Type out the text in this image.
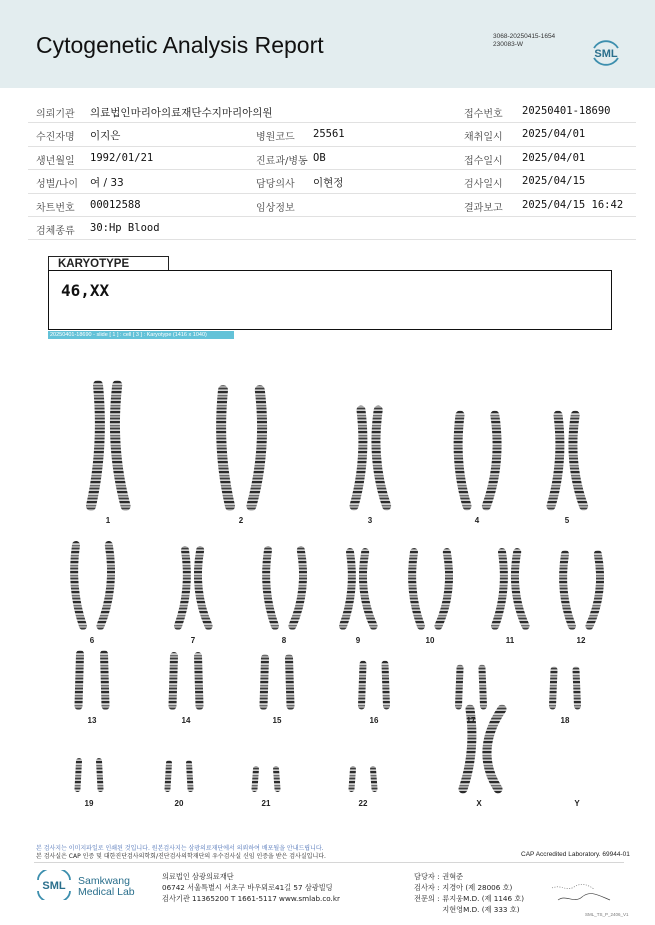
Cytogenetic Analysis Report	3068-20250415-1654
230083-W
SML
의뢰기관 의료법인마리아의료재단수지마리아의원	접수번호 20250401-18690
수진자명 이지은	병원코드 25561	채취일시 2025/04/01
생년월일 1992/01/21	진료과/병동 OB	접수일시 2025/04/01
성별/나이 여 / 33	담당의사 이현정	검사일시 2025/04/15
차트번호 00012588	임상정보	결과보고 2025/04/15 16:42
검체종류 30:Hp Blood
KARYOTYPE
46,XX
20250401-18690 - slide [ 1 ] : cell [ 3 ] : Karyotype (1416 x 1040)
1	2	3	4	5
6	7	8	9	10	11	12
13	14	15	16	17	18
19	20	21	22	X	Y
본 검사지는 이미지파일로 인쇄된 것입니다. 원본검사지는 삼광의료재단에서 의뢰하여 배포될을 안내드립니다.
본 검사실은 CAP 인증 및 대한진단검사의학회/진단검사의학재단의 우수검사실 신임 인증을 받은 검사실입니다.	CAP Accredited Laboratory. 69944-01
SML Samkwang
Medical Lab
의료법인 삼광의료재단
06742 서울특별시 서초구 바우뫼로41길 57 삼광빌딩
검사기관 11365200 T 1661-5117 www.smlab.co.kr
담당자 : 권혁준
검사자 : 지경아 (제 28006 호)
전문의 : 류지웅M.D. (제 1146 호)
지현영M.D. (제 333 호)
SML_TS_P_2406_V1
